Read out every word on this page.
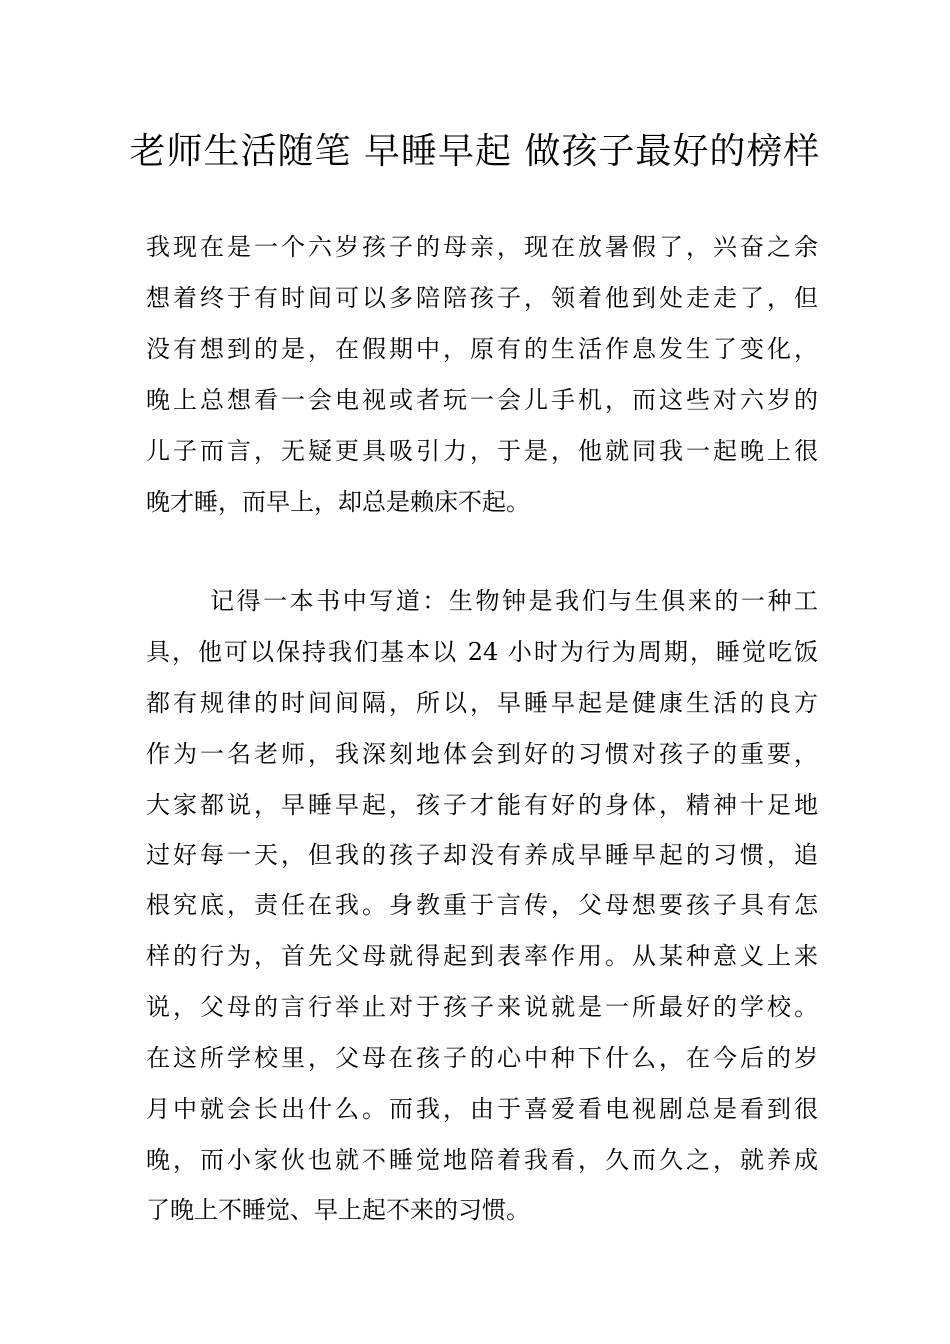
老师生活随笔 早睡早起 做孩子最好的榜样

我现在是一个六岁孩子的母亲，现在放暑假了，兴奋之余

想着终于有时间可以多陪陪孩子，领着他到处走走了，但

没有想到的是，在假期中，原有的生活作息发生了变化，

晚上总想看一会电视或者玩一会儿手机，而这些对六岁的

儿子而言，无疑更具吸引力，于是，他就同我一起晚上很

晚才睡，而早上，却总是赖床不起。

记得一本书中写道：生物钟是我们与生俱来的一种工

具，他可以保持我们基本以 24 小时为行为周期，睡觉吃饭

都有规律的时间间隔，所以，早睡早起是健康生活的良方

作为一名老师，我深刻地体会到好的习惯对孩子的重要，

大家都说，早睡早起，孩子才能有好的身体，精神十足地

过好每一天，但我的孩子却没有养成早睡早起的习惯，追

根究底，责任在我。身教重于言传，父母想要孩子具有怎

样的行为，首先父母就得起到表率作用。从某种意义上来

说，父母的言行举止对于孩子来说就是一所最好的学校。

在这所学校里，父母在孩子的心中种下什么，在今后的岁

月中就会长出什么。而我，由于喜爱看电视剧总是看到很

晚，而小家伙也就不睡觉地陪着我看，久而久之，就养成

了晚上不睡觉、早上起不来的习惯。
